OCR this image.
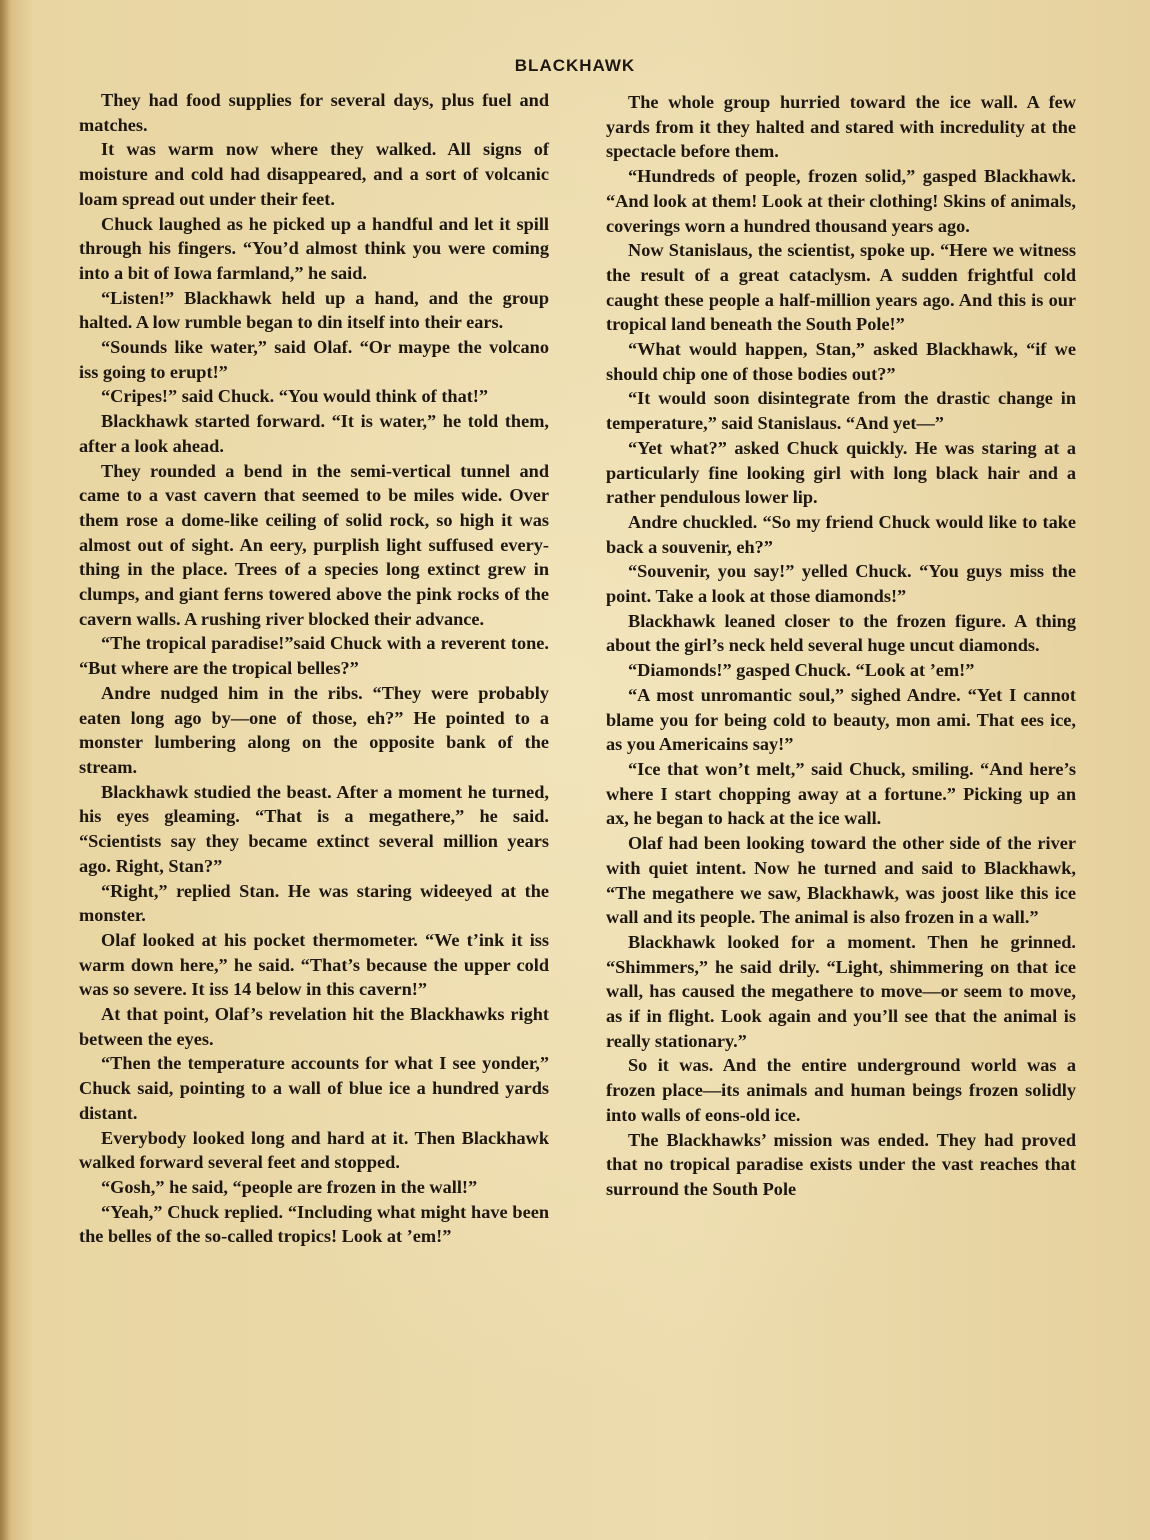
BLACKHAWK

They had food supplies for several days, plus fuel and matches.

It was warm now where they walked. All signs of moisture and cold had disappeared, and a sort of volcanic loam spread out under their feet.

Chuck laughed as he picked up a handful and let it spill through his fingers. “You’d almost think you were coming into a bit of Iowa farmland,” he said.

“Listen!” Blackhawk held up a hand, and the group halted. A low rumble began to din itself into their ears.

“Sounds like water,” said Olaf. “Or maype the volcano iss going to erupt!”

“Cripes!” said Chuck. “You would think of that!”

Blackhawk started forward. “It is water,” he told them, after a look ahead.

They rounded a bend in the semi-vertical tunnel and came to a vast cavern that seemed to be miles wide. Over them rose a dome-like ceiling of solid rock, so high it was almost out of sight. An eery, purplish light suffused everything in the place. Trees of a species long extinct grew in clumps, and giant ferns towered above the pink rocks of the cavern walls. A rushing river blocked their advance.

“The tropical paradise!”said Chuck with a reverent tone. “But where are the tropical belles?”

Andre nudged him in the ribs. “They were probably eaten long ago by—one of those, eh?” He pointed to a monster lumbering along on the opposite bank of the stream.

Blackhawk studied the beast. After a moment he turned, his eyes gleaming. “That is a megathere,” he said. “Scientists say they became extinct several million years ago. Right, Stan?”

“Right,” replied Stan. He was staring wideeyed at the monster.

Olaf looked at his pocket thermometer. “We t’ink it iss warm down here,” he said. “That’s because the upper cold was so severe. It iss 14 below in this cavern!”

At that point, Olaf’s revelation hit the Blackhawks right between the eyes.

“Then the temperature accounts for what I see yonder,” Chuck said, pointing to a wall of blue ice a hundred yards distant.

Everybody looked long and hard at it. Then Blackhawk walked forward several feet and stopped.

“Gosh,” he said, “people are frozen in the wall!”

“Yeah,” Chuck replied. “Including what might have been the belles of the so-called tropics! Look at ’em!”

The whole group hurried toward the ice wall. A few yards from it they halted and stared with incredulity at the spectacle before them.

“Hundreds of people, frozen solid,” gasped Blackhawk. “And look at them! Look at their clothing! Skins of animals, coverings worn a hundred thousand years ago.

Now Stanislaus, the scientist, spoke up. “Here we witness the result of a great cataclysm. A sudden frightful cold caught these people a half-million years ago. And this is our tropical land beneath the South Pole!”

“What would happen, Stan,” asked Blackhawk, “if we should chip one of those bodies out?”

“It would soon disintegrate from the drastic change in temperature,” said Stanislaus. “And yet—”

“Yet what?” asked Chuck quickly. He was staring at a particularly fine looking girl with long black hair and a rather pendulous lower lip.

Andre chuckled. “So my friend Chuck would like to take back a souvenir, eh?”

“Souvenir, you say!” yelled Chuck. “You guys miss the point. Take a look at those diamonds!”

Blackhawk leaned closer to the frozen figure. A thing about the girl’s neck held several huge uncut diamonds.

“Diamonds!” gasped Chuck. “Look at ’em!”

“A most unromantic soul,” sighed Andre. “Yet I cannot blame you for being cold to beauty, mon ami. That ees ice, as you Americains say!”

“Ice that won’t melt,” said Chuck, smiling. “And here’s where I start chopping away at a fortune.” Picking up an ax, he began to hack at the ice wall.

Olaf had been looking toward the other side of the river with quiet intent. Now he turned and said to Blackhawk, “The megathere we saw, Blackhawk, was joost like this ice wall and its people. The animal is also frozen in a wall.”

Blackhawk looked for a moment. Then he grinned. “Shimmers,” he said drily. “Light, shimmering on that ice wall, has caused the megathere to move—or seem to move, as if in flight. Look again and you’ll see that the animal is really stationary.”

So it was. And the entire underground world was a frozen place—its animals and human beings frozen solidly into walls of eons-old ice.

The Blackhawks’ mission was ended. They had proved that no tropical paradise exists under the vast reaches that surround the South Pole
